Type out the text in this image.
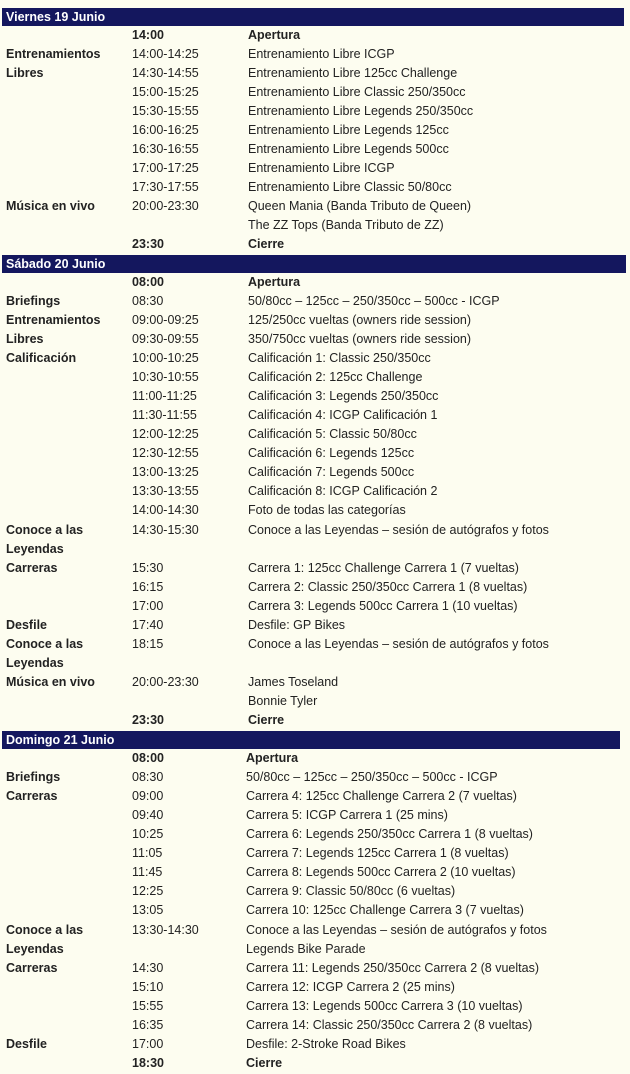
Viernes 19 Junio
14:00	Apertura
Entrenamientos	14:00-14:25	Entrenamiento Libre ICGP
Libres	14:30-14:55	Entrenamiento Libre 125cc Challenge
15:00-15:25	Entrenamiento Libre Classic 250/350cc
15:30-15:55	Entrenamiento Libre Legends 250/350cc
16:00-16:25	Entrenamiento Libre Legends 125cc
16:30-16:55	Entrenamiento Libre Legends 500cc
17:00-17:25	Entrenamiento Libre ICGP
17:30-17:55	Entrenamiento Libre Classic 50/80cc
Música en vivo	20:00-23:30	Queen Mania (Banda Tributo de Queen)
The ZZ Tops (Banda Tributo de ZZ)
23:30	Cierre
Sábado 20 Junio
08:00	Apertura
Briefings	08:30	50/80cc – 125cc – 250/350cc – 500cc - ICGP
Entrenamientos	09:00-09:25	125/250cc vueltas (owners ride session)
Libres	09:30-09:55	350/750cc vueltas (owners ride session)
Calificación	10:00-10:25	Calificación 1: Classic 250/350cc
10:30-10:55	Calificación 2: 125cc Challenge
11:00-11:25	Calificación 3: Legends 250/350cc
11:30-11:55	Calificación 4: ICGP Calificación 1
12:00-12:25	Calificación 5: Classic 50/80cc
12:30-12:55	Calificación 6: Legends 125cc
13:00-13:25	Calificación 7: Legends 500cc
13:30-13:55	Calificación 8: ICGP Calificación 2
14:00-14:30	Foto de todas las categorías
Conoce a las	14:30-15:30	Conoce a las Leyendas – sesión de autógrafos y fotos
Leyendas
Carreras	15:30	Carrera 1: 125cc Challenge Carrera 1 (7 vueltas)
16:15	Carrera 2: Classic 250/350cc Carrera 1 (8 vueltas)
17:00	Carrera 3: Legends 500cc Carrera 1 (10 vueltas)
Desfile	17:40	Desfile: GP Bikes
Conoce a las	18:15	Conoce a las Leyendas – sesión de autógrafos y fotos
Leyendas
Música en vivo	20:00-23:30	James Toseland
Bonnie Tyler
23:30	Cierre
Domingo 21 Junio
08:00	Apertura
Briefings	08:30	50/80cc – 125cc – 250/350cc – 500cc - ICGP
Carreras	09:00	Carrera 4: 125cc Challenge Carrera 2 (7 vueltas)
09:40	Carrera 5: ICGP Carrera 1 (25 mins)
10:25	Carrera 6: Legends 250/350cc Carrera 1 (8 vueltas)
11:05	Carrera 7: Legends 125cc Carrera 1 (8 vueltas)
11:45	Carrera 8: Legends 500cc Carrera 2 (10 vueltas)
12:25	Carrera 9: Classic 50/80cc (6 vueltas)
13:05	Carrera 10: 125cc Challenge Carrera 3 (7 vueltas)
Conoce a las	13:30-14:30	Conoce a las Leyendas – sesión de autógrafos y fotos
Leyendas	Legends Bike Parade
Carreras	14:30	Carrera 11: Legends 250/350cc Carrera 2 (8 vueltas)
15:10	Carrera 12: ICGP Carrera 2 (25 mins)
15:55	Carrera 13: Legends 500cc Carrera 3 (10 vueltas)
16:35	Carrera 14: Classic 250/350cc Carrera 2 (8 vueltas)
Desfile	17:00	Desfile: 2-Stroke Road Bikes
18:30	Cierre
